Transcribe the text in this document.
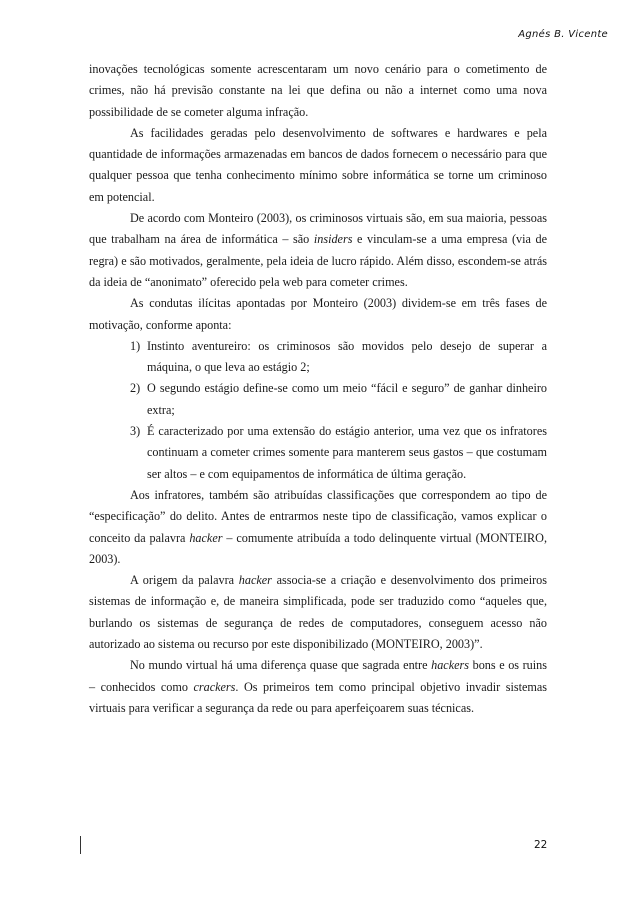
Agnés B. Vicente

inovações tecnológicas somente acrescentaram um novo cenário para o cometimento de crimes, não há previsão constante na lei que defina ou não a internet como uma nova possibilidade de se cometer alguma infração.

As facilidades geradas pelo desenvolvimento de softwares e hardwares e pela quantidade de informações armazenadas em bancos de dados fornecem o necessário para que qualquer pessoa que tenha conhecimento mínimo sobre informática se torne um criminoso em potencial.

De acordo com Monteiro (2003), os criminosos virtuais são, em sua maioria, pessoas que trabalham na área de informática – são insiders e vinculam-se a uma empresa (via de regra) e são motivados, geralmente, pela ideia de lucro rápido. Além disso, escondem-se atrás da ideia de “anonimato” oferecido pela web para cometer crimes.

As condutas ilícitas apontadas por Monteiro (2003) dividem-se em três fases de motivação, conforme aponta:

1) Instinto aventureiro: os criminosos são movidos pelo desejo de superar a máquina, o que leva ao estágio 2;
2) O segundo estágio define-se como um meio “fácil e seguro” de ganhar dinheiro extra;
3) É caracterizado por uma extensão do estágio anterior, uma vez que os infratores continuam a cometer crimes somente para manterem seus gastos – que costumam ser altos – e com equipamentos de informática de última geração.

Aos infratores, também são atribuídas classificações que correspondem ao tipo de “especificação” do delito. Antes de entrarmos neste tipo de classificação, vamos explicar o conceito da palavra hacker – comumente atribuída a todo delinquente virtual (MONTEIRO, 2003).

A origem da palavra hacker associa-se a criação e desenvolvimento dos primeiros sistemas de informação e, de maneira simplificada, pode ser traduzido como “aqueles que, burlando os sistemas de segurança de redes de computadores, conseguem acesso não autorizado ao sistema ou recurso por este disponibilizado (MONTEIRO, 2003)”.

No mundo virtual há uma diferença quase que sagrada entre hackers bons e os ruins – conhecidos como crackers. Os primeiros tem como principal objetivo invadir sistemas virtuais para verificar a segurança da rede ou para aperfeiçoarem suas técnicas.

22
